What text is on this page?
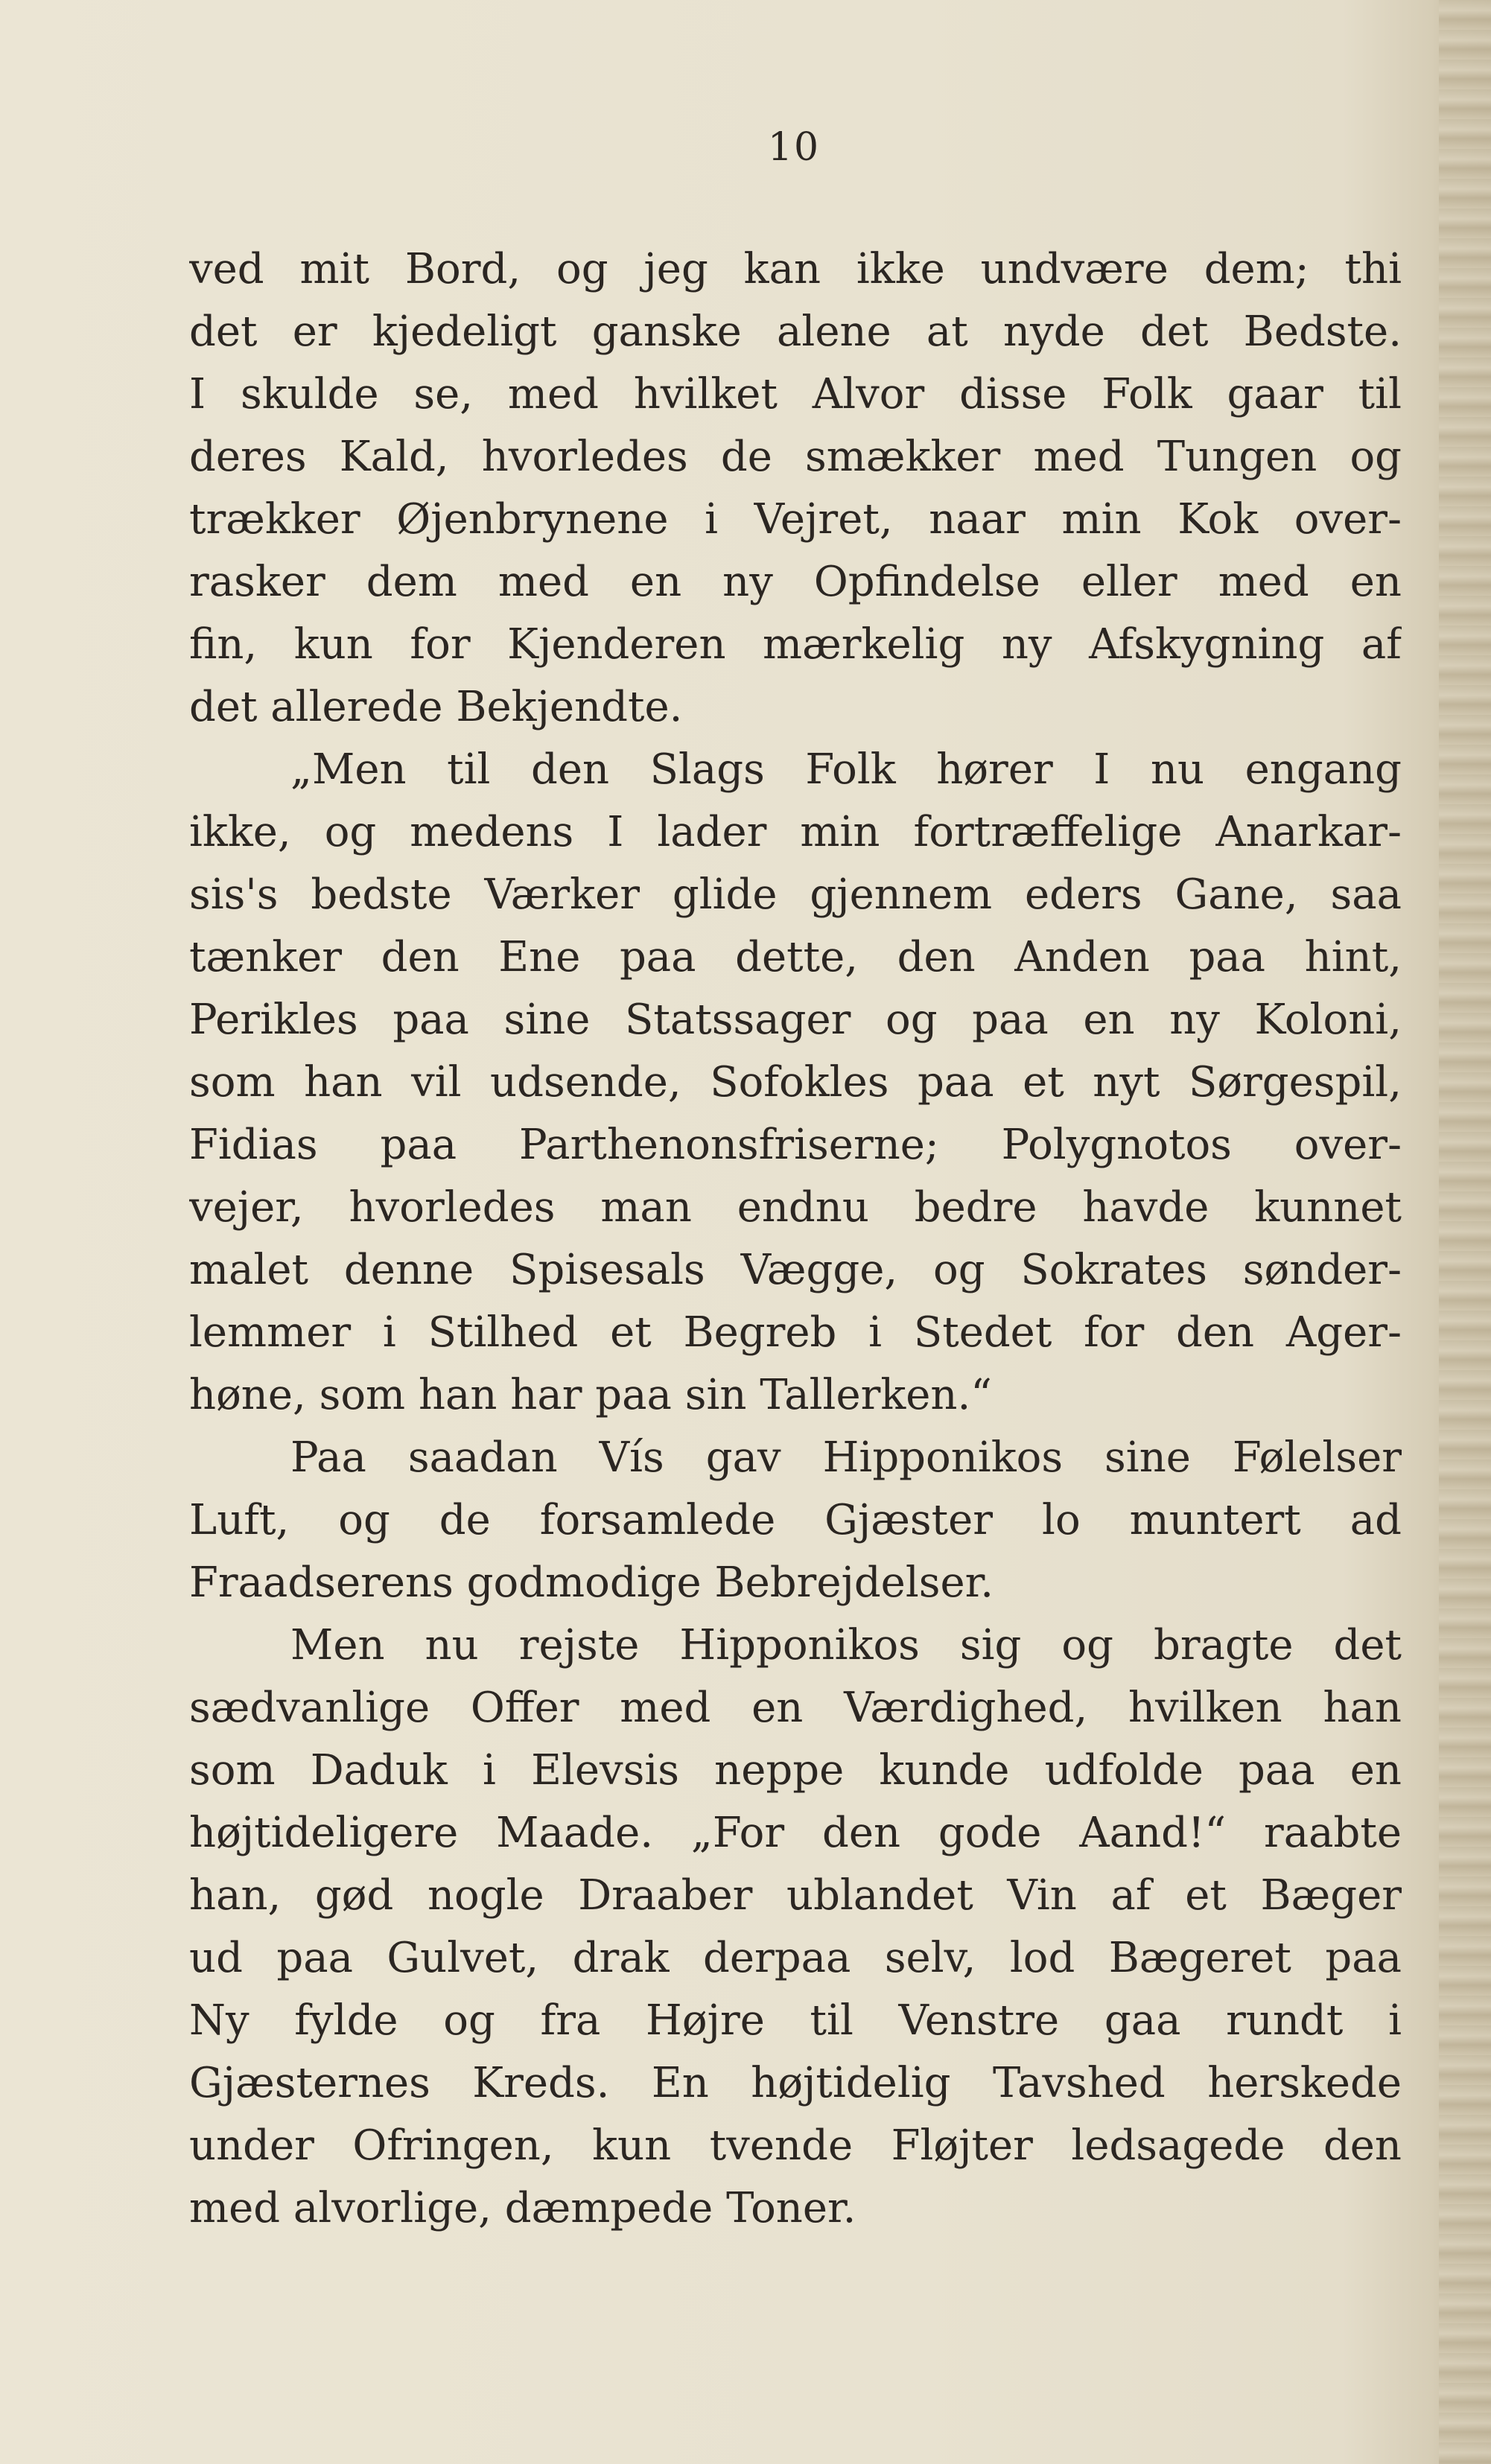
10
ved mit Bord, og jeg kan ikke undvære dem; thi
det er kjedeligt ganske alene at nyde det Bedste.
I skulde se, med hvilket Alvor disse Folk gaar til
deres Kald, hvorledes de smækker med Tungen og
trækker Øjenbrynene i Vejret, naar min Kok over-
rasker dem med en ny Opfindelse eller med en
fin, kun for Kjenderen mærkelig ny Afskygning af
det allerede Bekjendte.
„Men til den Slags Folk hører I nu engang
ikke, og medens I lader min fortræffelige Anarkar-
sis's bedste Værker glide gjennem eders Gane, saa
tænker den Ene paa dette, den Anden paa hint,
Perikles paa sine Statssager og paa en ny Koloni,
som han vil udsende, Sofokles paa et nyt Sørgespil,
Fidias paa Parthenonsfriserne; Polygnotos over-
vejer, hvorledes man endnu bedre havde kunnet
malet denne Spisesals Vægge, og Sokrates sønder-
lemmer i Stilhed et Begreb i Stedet for den Ager-
høne, som han har paa sin Tallerken.“
Paa saadan Vís gav Hipponikos sine Følelser
Luft, og de forsamlede Gjæster lo muntert ad
Fraadserens godmodige Bebrejdelser.
Men nu rejste Hipponikos sig og bragte det
sædvanlige Offer med en Værdighed, hvilken han
som Daduk i Elevsis neppe kunde udfolde paa en
højtideligere Maade. „For den gode Aand!“ raabte
han, gød nogle Draaber ublandet Vin af et Bæger
ud paa Gulvet, drak derpaa selv, lod Bægeret paa
Ny fylde og fra Højre til Venstre gaa rundt i
Gjæsternes Kreds. En højtidelig Tavshed herskede
under Ofringen, kun tvende Fløjter ledsagede den
med alvorlige, dæmpede Toner.
